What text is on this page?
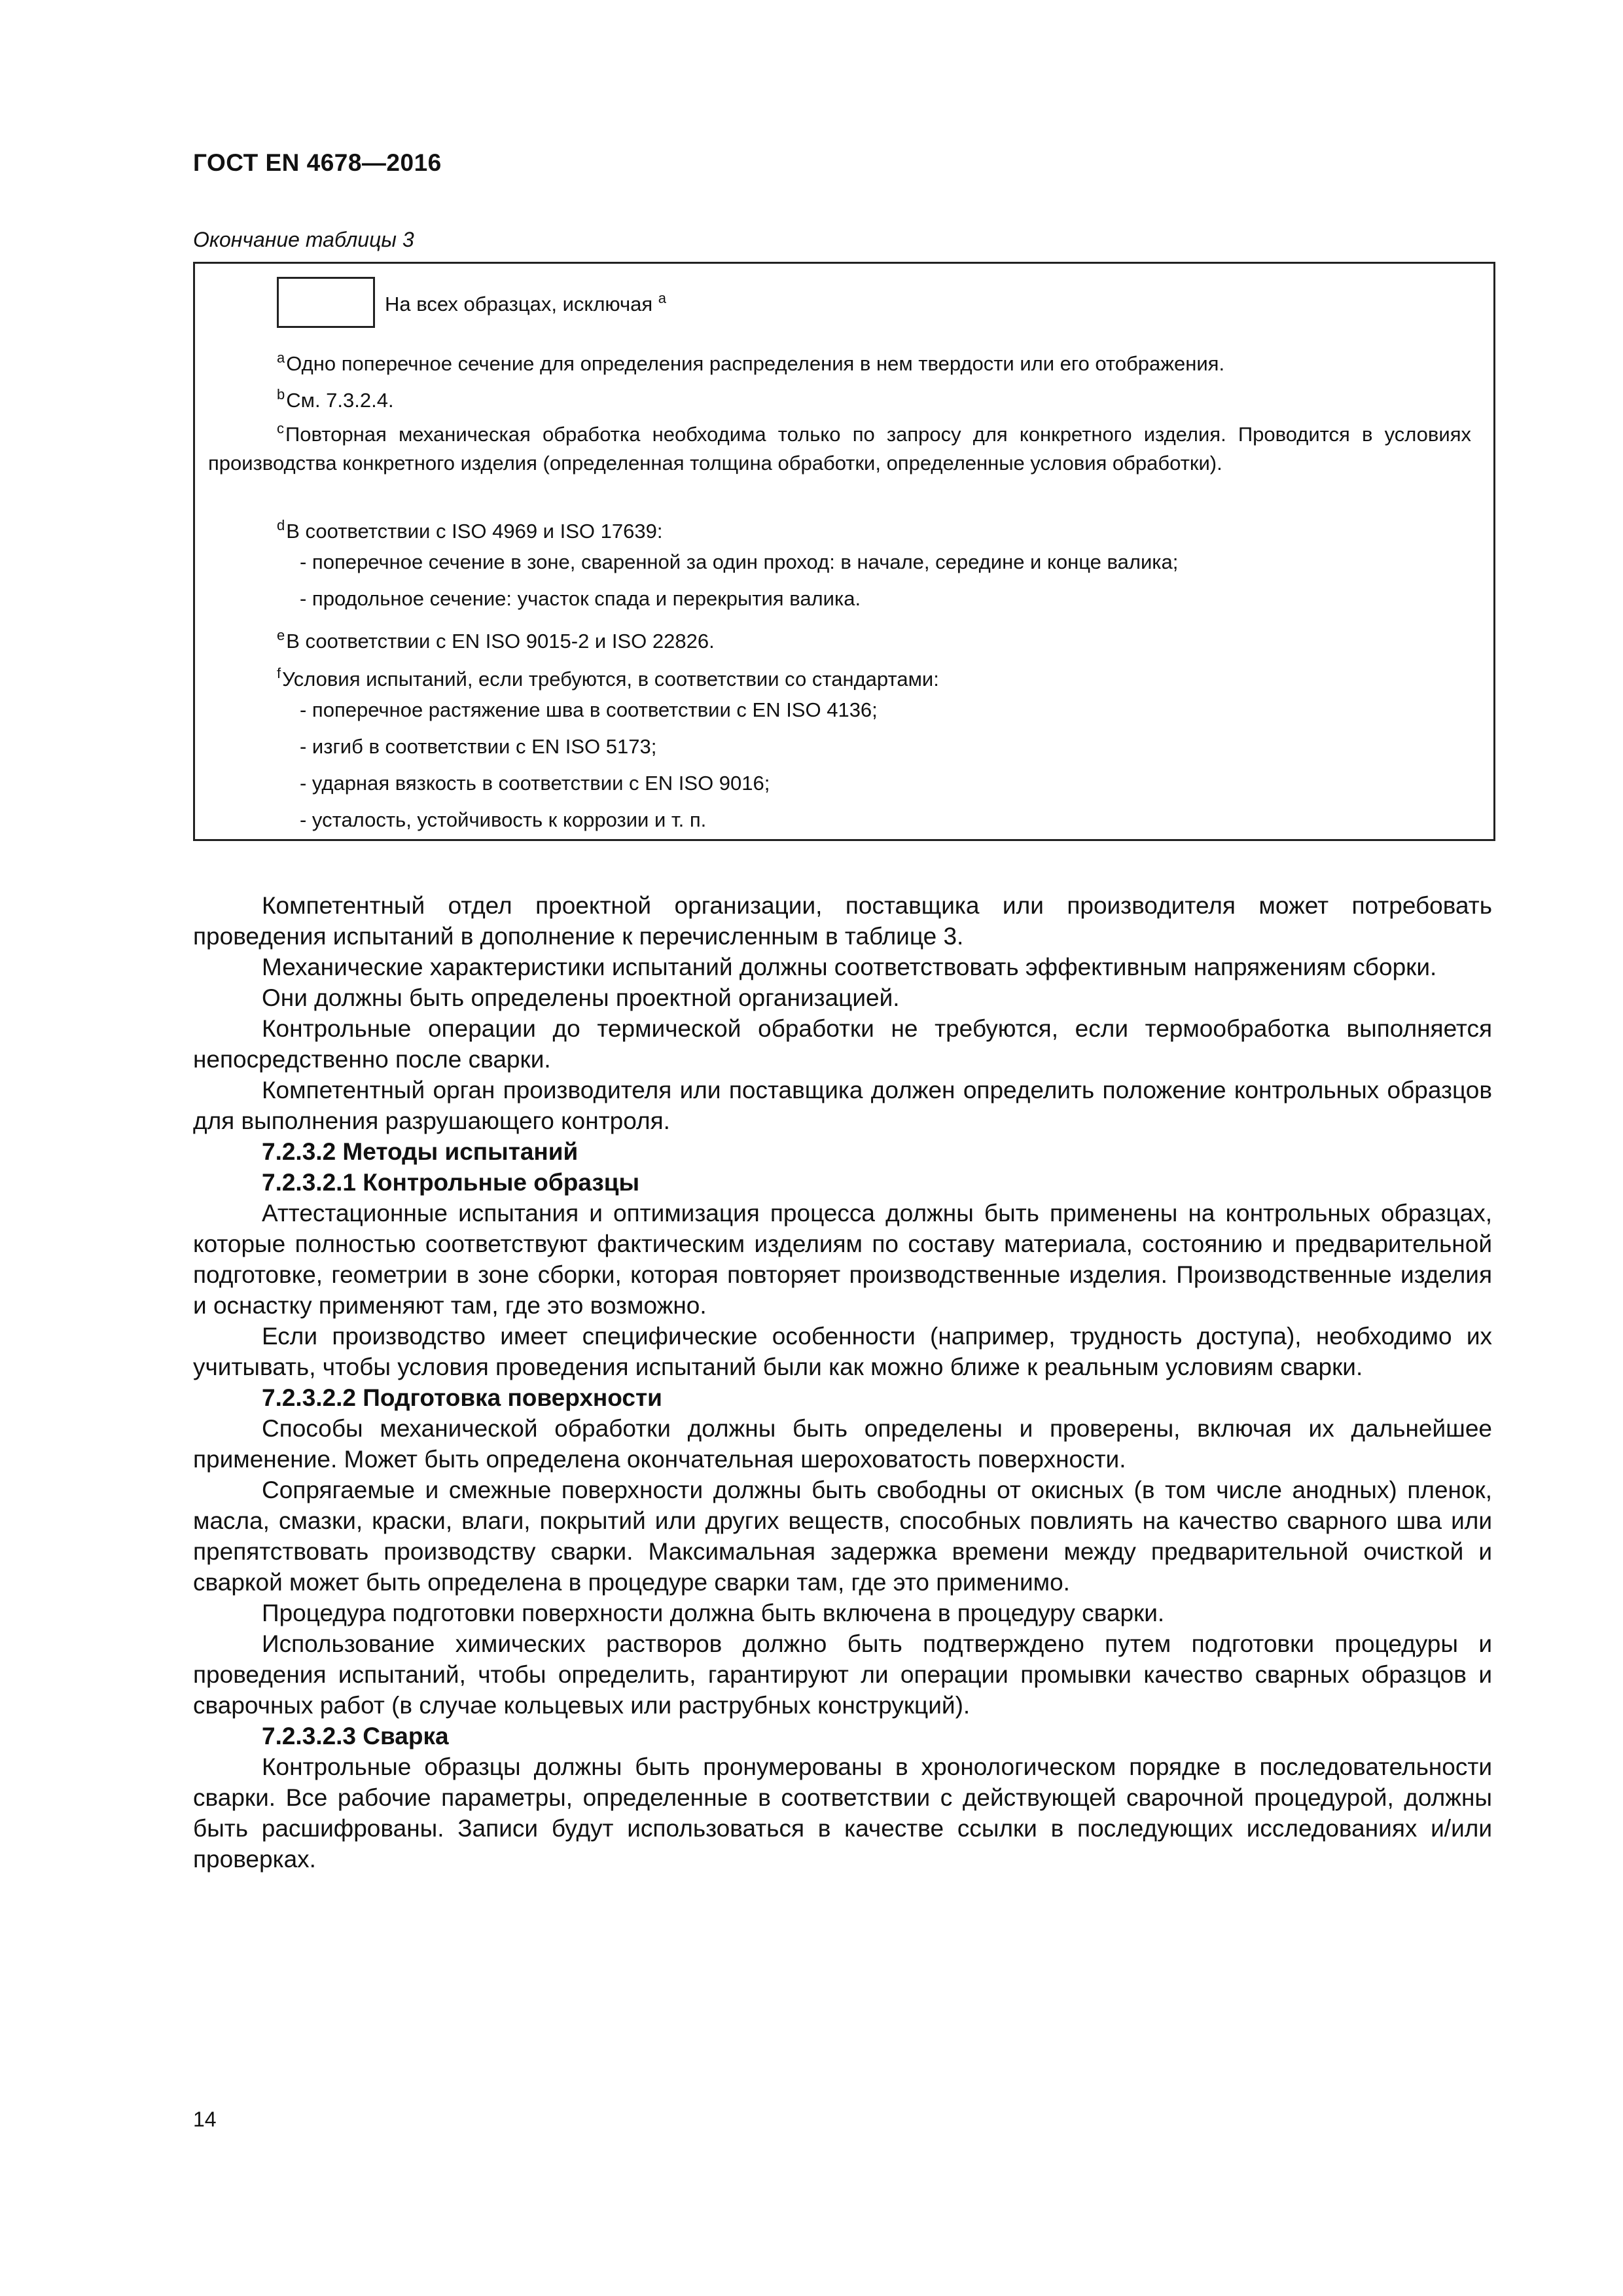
ГОСТ EN 4678—2016
Окончание таблицы 3
На всех образцах, исключая $^a$
$^a$Одно поперечное сечение для определения распределения в нем твердости или его отображения.
$^b$См. 7.3.2.4.
$^c$Повторная механическая обработка необходима только по запросу для конкретного изделия. Проводится в условиях производства конкретного изделия (определенная толщина обработки, определенные условия обработки).
$^d$В соответствии с ISO 4969 и ISO 17639:
- поперечное сечение в зоне, сваренной за один проход: в начале, середине и конце валика;
- продольное сечение: участок спада и перекрытия валика.
$^e$В соответствии с EN ISO 9015-2 и ISO 22826.
$^f$Условия испытаний, если требуются, в соответствии со стандартами:
- поперечное растяжение шва в соответствии с EN ISO 4136;
- изгиб в соответствии с EN ISO 5173;
- ударная вязкость в соответствии с EN ISO 9016;
- усталость, устойчивость к коррозии и т. п.

Компетентный отдел проектной организации, поставщика или производителя может потребовать проведения испытаний в дополнение к перечисленным в таблице 3.

Механические характеристики испытаний должны соответствовать эффективным напряжениям сборки.

Они должны быть определены проектной организацией.

Контрольные операции до термической обработки не требуются, если термообработка выполняется непосредственно после сварки.

Компетентный орган производителя или поставщика должен определить положение контрольных образцов для выполнения разрушающего контроля.

7.2.3.2 Методы испытаний
7.2.3.2.1 Контрольные образцы

Аттестационные испытания и оптимизация процесса должны быть применены на контрольных образцах, которые полностью соответствуют фактическим изделиям по составу материала, состоянию и предварительной подготовке, геометрии в зоне сборки, которая повторяет производственные изделия. Производственные изделия и оснастку применяют там, где это возможно.

Если производство имеет специфические особенности (например, трудность доступа), необходимо их учитывать, чтобы условия проведения испытаний были как можно ближе к реальным условиям сварки.

7.2.3.2.2 Подготовка поверхности

Способы механической обработки должны быть определены и проверены, включая их дальнейшее применение. Может быть определена окончательная шероховатость поверхности.

Сопрягаемые и смежные поверхности должны быть свободны от окисных (в том числе анодных) пленок, масла, смазки, краски, влаги, покрытий или других веществ, способных повлиять на качество сварного шва или препятствовать производству сварки. Максимальная задержка времени между предварительной очисткой и сваркой может быть определена в процедуре сварки там, где это применимо.

Процедура подготовки поверхности должна быть включена в процедуру сварки.

Использование химических растворов должно быть подтверждено путем подготовки процедуры и проведения испытаний, чтобы определить, гарантируют ли операции промывки качество сварных образцов и сварочных работ (в случае кольцевых или раструбных конструкций).

7.2.3.2.3 Сварка

Контрольные образцы должны быть пронумерованы в хронологическом порядке в последовательности сварки. Все рабочие параметры, определенные в соответствии с действующей сварочной процедурой, должны быть расшифрованы. Записи будут использоваться в качестве ссылки в последующих исследованиях и/или проверках.

14
